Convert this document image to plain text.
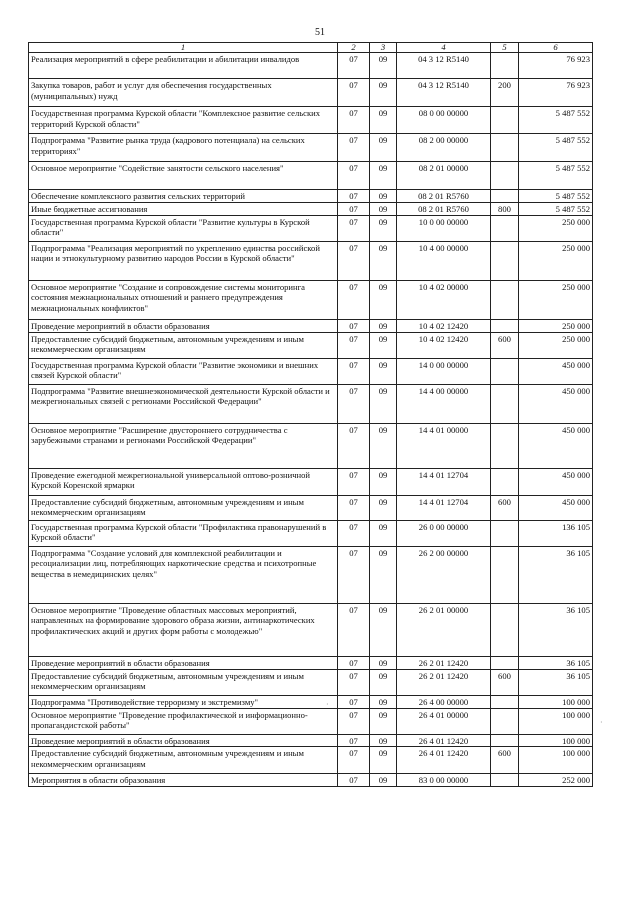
51
1	2	3	4	5	6
Реализация мероприятий в сфере реабилитации и абилитации инвалидов	07	09	04 3 12 R5140		76 923
Закупка товаров, работ и услуг для обеспечения государственных (муниципальных) нужд	07	09	04 3 12 R5140	200	76 923
Государственная программа Курской области "Комплексное развитие сельских территорий Курской области"	07	09	08 0 00 00000		5 487 552
Подпрограмма "Развитие рынка труда (кадрового потенциала) на сельских территориях"	07	09	08 2 00 00000		5 487 552
Основное мероприятие "Содействие занятости сельского населения"	07	09	08 2 01 00000		5 487 552
Обеспечение комплексного развития сельских территорий	07	09	08 2 01 R5760		5 487 552
Иные бюджетные ассигнования	07	09	08 2 01 R5760	800	5 487 552
Государственная программа Курской области "Развитие культуры в Курской области"	07	09	10 0 00 00000		250 000
Подпрограмма "Реализация мероприятий по укреплению единства российской нации и этнокультурному развитию народов России в Курской области"	07	09	10 4 00 00000		250 000
Основное мероприятие "Создание и сопровождение системы мониторинга состояния межнациональных отношений и раннего предупреждения межнациональных конфликтов"	07	09	10 4 02 00000		250 000
Проведение мероприятий в области образования	07	09	10 4 02 12420		250 000
Предоставление субсидий бюджетным, автономным учреждениям и иным некоммерческим организациям	07	09	10 4 02 12420	600	250 000
Государственная программа Курской области "Развитие экономики и внешних связей Курской области"	07	09	14 0 00 00000		450 000
Подпрограмма "Развитие внешнеэкономической деятельности Курской области и межрегиональных связей с регионами Российской Федерации"	07	09	14 4 00 00000		450 000
Основное мероприятие "Расширение двустороннего сотрудничества с зарубежными странами и регионами Российской Федерации"	07	09	14 4 01 00000		450 000
Проведение ежегодной межрегиональной универсальной оптово-розничной Курской Коренской ярмарки	07	09	14 4 01 12704		450 000
Предоставление субсидий бюджетным, автономным учреждениям и иным некоммерческим организациям	07	09	14 4 01 12704	600	450 000
Государственная программа Курской области "Профилактика правонарушений в Курской области"	07	09	26 0 00 00000		136 105
Подпрограмма "Создание условий для комплексной реабилитации и ресоциализации лиц, потребляющих наркотические средства и психотропные вещества в немедицинских целях"	07	09	26 2 00 00000		36 105
Основное мероприятие "Проведение областных массовых мероприятий, направленных на формирование здорового образа жизни, антинаркотических профилактических акций и других форм работы с молодежью"	07	09	26 2 01 00000		36 105
Проведение мероприятий в области образования	07	09	26 2 01 12420		36 105
Предоставление субсидий бюджетным, автономным учреждениям и иным некоммерческим организациям	07	09	26 2 01 12420	600	36 105
Подпрограмма "Противодействие терроризму и экстремизму"	07	09	26 4 00 00000		100 000
Основное мероприятие "Проведение профилактической и информационно-пропагандистской работы"	07	09	26 4 01 00000		100 000
Проведение мероприятий в области образования	07	09	26 4 01 12420		100 000
Предоставление субсидий бюджетным, автономным учреждениям и иным некоммерческим организациям	07	09	26 4 01 12420	600	100 000
Мероприятия в области образования	07	09	83 0 00 00000		252 000
·
·
